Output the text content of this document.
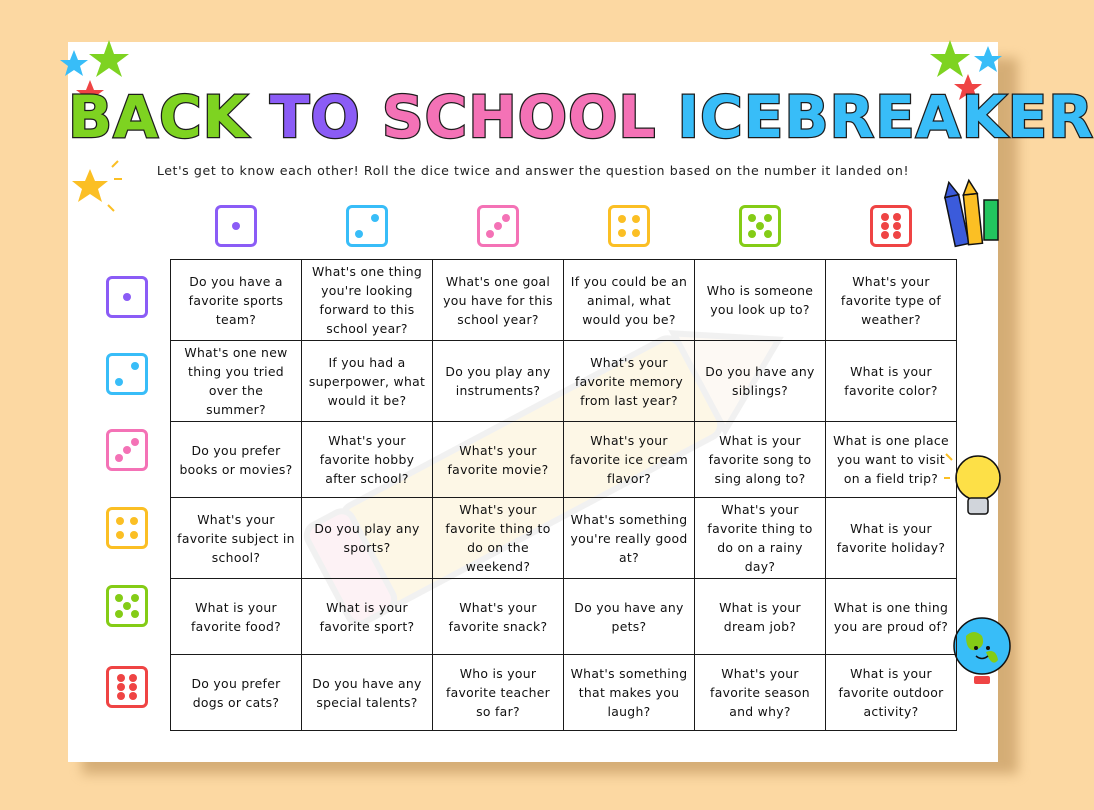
BACK TO SCHOOL ICEBREAKER
Let's get to know each other! Roll the dice twice and answer the question based on the number it landed on!
Do you have a favorite sports team?	What's one thing you're looking forward to this school year?	What's one goal you have for this school year?	If you could be an animal, what would you be?	Who is someone you look up to?	What's your favorite type of weather?
What's one new thing you tried over the summer?	If you had a superpower, what would it be?	Do you play any instruments?	What's your favorite memory from last year?	Do you have any siblings?	What is your favorite color?
Do you prefer books or movies?	What's your favorite hobby after school?	What's your favorite movie?	What's your favorite ice cream flavor?	What is your favorite song to sing along to?	What is one place you want to visit on a field trip?
What's your favorite subject in school?	Do you play any sports?	What's your favorite thing to do on the weekend?	What's something you're really good at?	What's your favorite thing to do on a rainy day?	What is your favorite holiday?
What is your favorite food?	What is your favorite sport?	What's your favorite snack?	Do you have any pets?	What is your dream job?	What is one thing you are proud of?
Do you prefer dogs or cats?	Do you have any special talents?	Who is your favorite teacher so far?	What's something that makes you laugh?	What's your favorite season and why?	What is your favorite outdoor activity?
